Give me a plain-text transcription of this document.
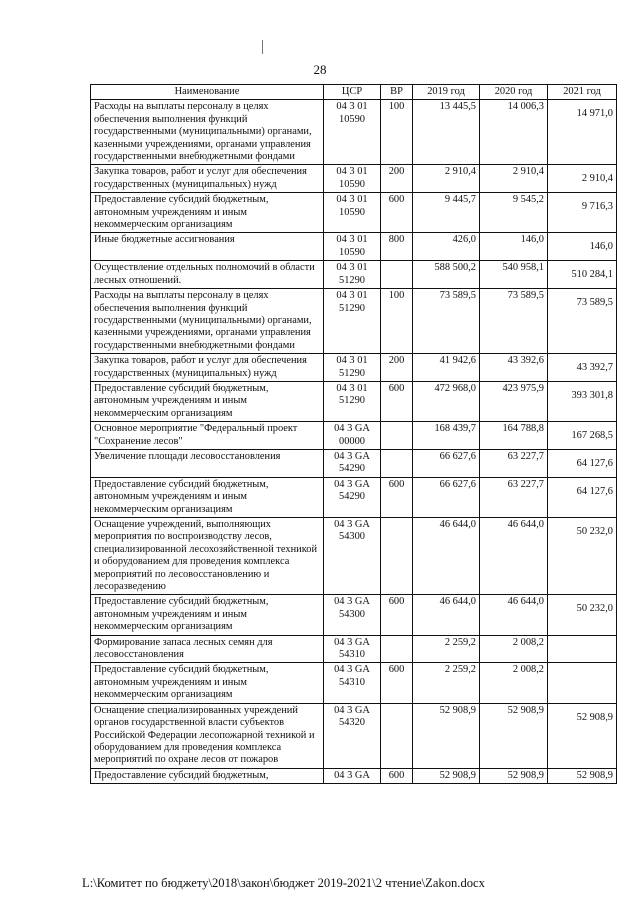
28
Наименование	ЦСР	ВР	2019 год	2020 год	2021 год
Расходы на выплаты персоналу в целях обеспечения выполнения функций государственными (муниципальными) органами, казенными учреждениями, органами управления государственными внебюджетными фондами	04 3 01 10590	100	13 445,5	14 006,3	14 971,0
Закупка товаров, работ и услуг для обеспечения государственных (муниципальных) нужд	04 3 01 10590	200	2 910,4	2 910,4	2 910,4
Предоставление субсидий бюджетным, автономным учреждениям и иным некоммерческим организациям	04 3 01 10590	600	9 445,7	9 545,2	9 716,3
Иные бюджетные ассигнования	04 3 01 10590	800	426,0	146,0	146,0
Осуществление отдельных полномочий в области лесных отношений.	04 3 01 51290		588 500,2	540 958,1	510 284,1
Расходы на выплаты персоналу в целях обеспечения выполнения функций государственными (муниципальными) органами, казенными учреждениями, органами управления государственными внебюджетными фондами	04 3 01 51290	100	73 589,5	73 589,5	73 589,5
Закупка товаров, работ и услуг для обеспечения государственных (муниципальных) нужд	04 3 01 51290	200	41 942,6	43 392,6	43 392,7
Предоставление субсидий бюджетным, автономным учреждениям и иным некоммерческим организациям	04 3 01 51290	600	472 968,0	423 975,9	393 301,8
Основное мероприятие "Федеральный проект "Сохранение лесов"	04 3 GA 00000		168 439,7	164 788,8	167 268,5
Увеличение площади лесовосстановления	04 3 GA 54290		66 627,6	63 227,7	64 127,6
Предоставление субсидий бюджетным, автономным учреждениям и иным некоммерческим организациям	04 3 GA 54290	600	66 627,6	63 227,7	64 127,6
Оснащение учреждений, выполняющих мероприятия по воспроизводству лесов, специализированной лесохозяйственной техникой и оборудованием для проведения комплекса мероприятий по лесовосстановлению и лесоразведению	04 3 GA 54300		46 644,0	46 644,0	50 232,0
Предоставление субсидий бюджетным, автономным учреждениям и иным некоммерческим организациям	04 3 GA 54300	600	46 644,0	46 644,0	50 232,0
Формирование запаса лесных семян для лесовосстановления	04 3 GA 54310		2 259,2	2 008,2	
Предоставление субсидий бюджетным, автономным учреждениям и иным некоммерческим организациям	04 3 GA 54310	600	2 259,2	2 008,2	
Оснащение специализированных учреждений органов государственной власти субъектов Российской Федерации лесопожарной техникой и оборудованием для проведения комплекса мероприятий по охране лесов от пожаров	04 3 GA 54320		52 908,9	52 908,9	52 908,9
Предоставление субсидий бюджетным,	04 3 GA	600	52 908,9	52 908,9	52 908,9
L:\Комитет по бюджету\2018\закон\бюджет 2019-2021\2 чтение\Zakon.docx
